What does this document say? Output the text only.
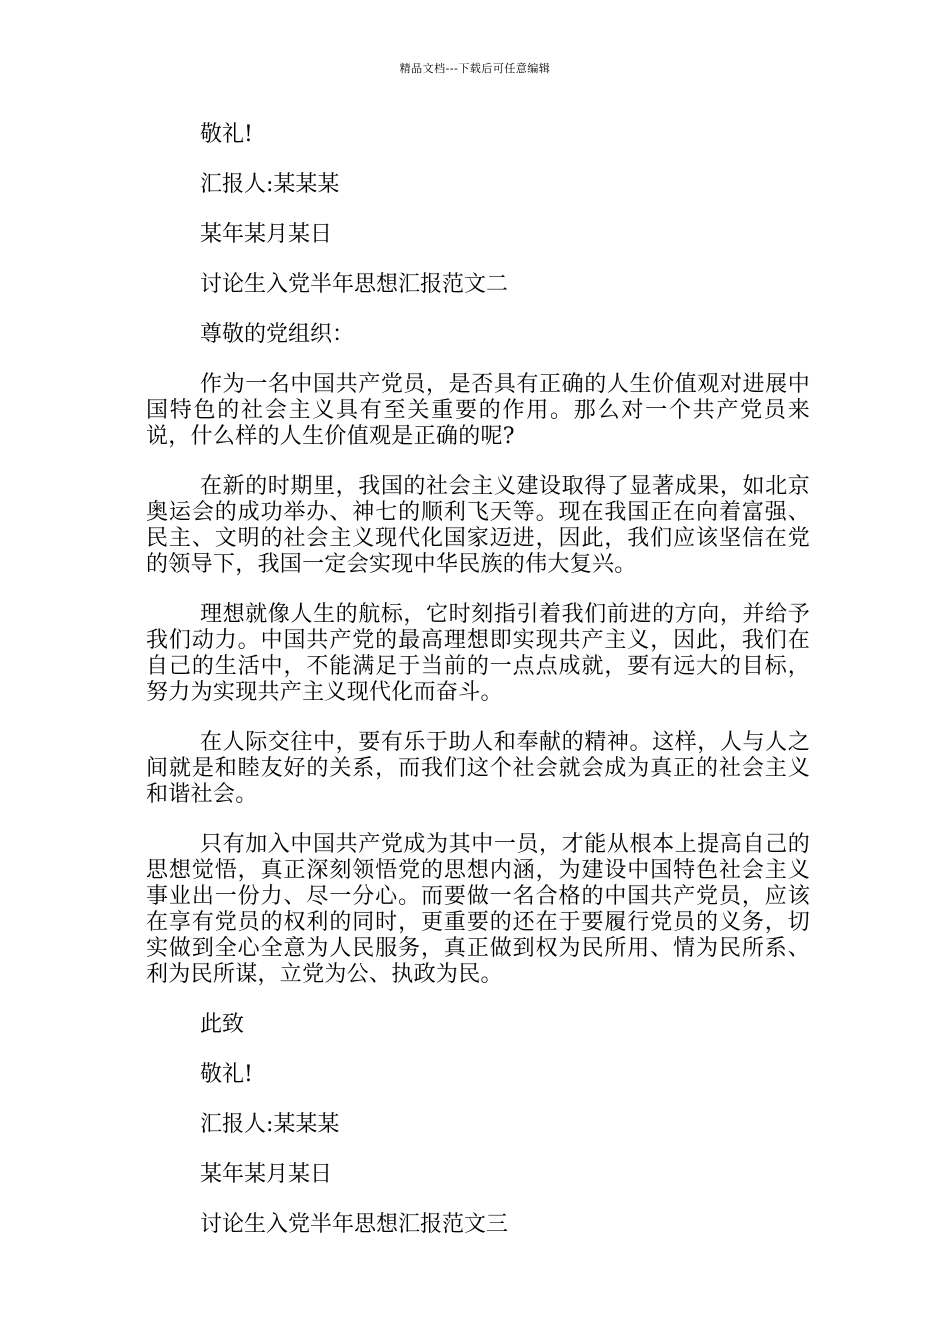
精品文档---下载后可任意编辑

敬礼!

汇报人:某某某

某年某月某日

讨论生入党半年思想汇报范文二

尊敬的党组织：

作为一名中国共产党员，是否具有正确的人生价值观对进展中国特色的社会主义具有至关重要的作用。那么对一个共产党员来说，什么样的人生价值观是正确的呢?

在新的时期里，我国的社会主义建设取得了显著成果，如北京奥运会的成功举办、神七的顺利飞天等。现在我国正在向着富强、民主、文明的社会主义现代化国家迈进，因此，我们应该坚信在党的领导下，我国一定会实现中华民族的伟大复兴。

理想就像人生的航标，它时刻指引着我们前进的方向，并给予我们动力。中国共产党的最高理想即实现共产主义，因此，我们在自己的生活中，不能满足于当前的一点点成就，要有远大的目标，努力为实现共产主义现代化而奋斗。

在人际交往中，要有乐于助人和奉献的精神。这样，人与人之间就是和睦友好的关系，而我们这个社会就会成为真正的社会主义和谐社会。

只有加入中国共产党成为其中一员，才能从根本上提高自己的思想觉悟，真正深刻领悟党的思想内涵，为建设中国特色社会主义事业出一份力、尽一分心。而要做一名合格的中国共产党员，应该在享有党员的权利的同时，更重要的还在于要履行党员的义务，切实做到全心全意为人民服务，真正做到权为民所用、情为民所系、利为民所谋，立党为公、执政为民。

此致

敬礼!

汇报人:某某某

某年某月某日

讨论生入党半年思想汇报范文三
